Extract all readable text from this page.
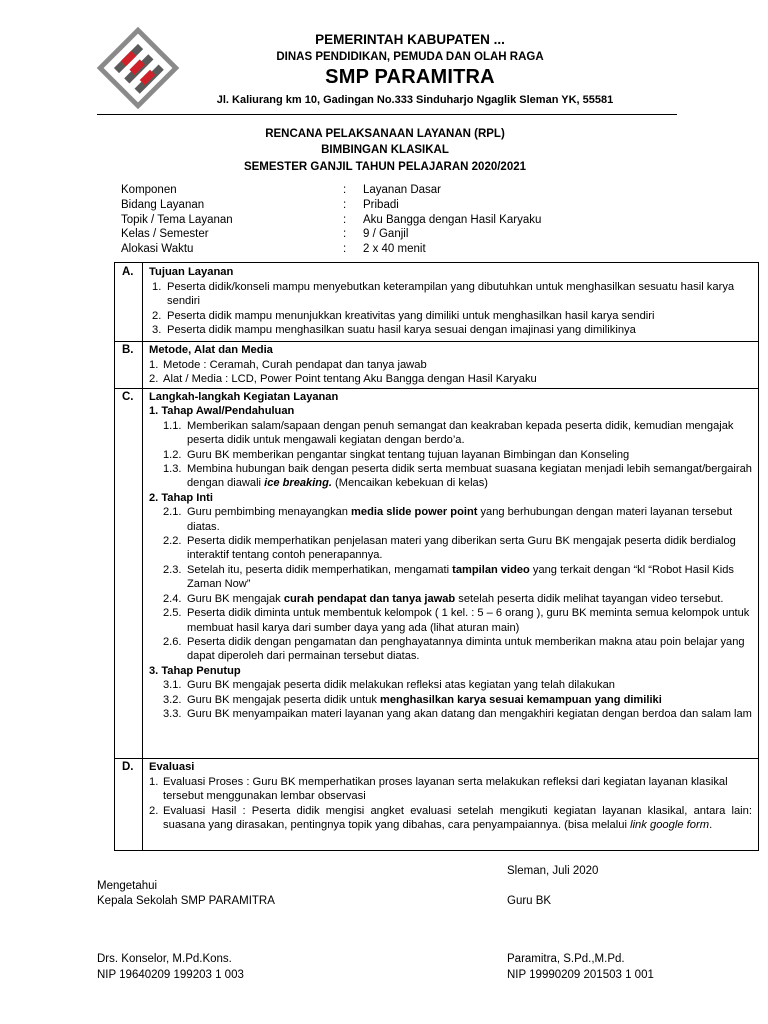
PEMERINTAH KABUPATEN ...
DINAS PENDIDIKAN, PEMUDA DAN OLAH RAGA
SMP PARAMITRA
Jl. Kaliurang km 10, Gadingan No.333 Sinduharjo Ngaglik Sleman YK, 55581
RENCANA PELAKSANAAN LAYANAN (RPL)
BIMBINGAN KLASIKAL
SEMESTER GANJIL TAHUN PELAJARAN 2020/2021
Komponen	:	Layanan Dasar
Bidang Layanan	:	Pribadi
Topik / Tema Layanan	:	Aku Bangga dengan Hasil Karyaku
Kelas / Semester	:	9 / Ganjil
Alokasi Waktu	:	2 x 40 menit
A. Tujuan Layanan
1. Peserta didik/konseli mampu menyebutkan keterampilan yang dibutuhkan untuk menghasilkan sesuatu hasil karya sendiri
2. Peserta didik mampu menunjukkan kreativitas yang dimiliki untuk menghasilkan hasil karya sendiri
3. Peserta didik mampu menghasilkan suatu hasil karya sesuai dengan imajinasi yang dimilikinya
B. Metode, Alat dan Media
1. Metode : Ceramah, Curah pendapat dan tanya jawab
2. Alat / Media : LCD, Power Point tentang Aku Bangga dengan Hasil Karyaku
C. Langkah-langkah Kegiatan Layanan
1. Tahap Awal/Pendahuluan
1.1. Memberikan salam/sapaan dengan penuh semangat dan keakraban kepada peserta didik, kemudian mengajak peserta didik untuk mengawali kegiatan dengan berdo’a.
1.2. Guru BK memberikan pengantar singkat tentang tujuan layanan Bimbingan dan Konseling
1.3. Membina hubungan baik dengan peserta didik serta membuat suasana kegiatan menjadi lebih semangat/bergairah dengan diawali ice breaking. (Mencaikan kebekuan di kelas)
2. Tahap Inti
2.1. Guru pembimbing menayangkan media slide power point yang berhubungan dengan materi layanan tersebut diatas.
2.2. Peserta didik memperhatikan penjelasan materi yang diberikan serta Guru BK mengajak peserta didik berdialog interaktif tentang contoh penerapannya.
2.3. Setelah itu, peserta didik memperhatikan, mengamati tampilan video yang terkait dengan “kl “Robot Hasil Kids Zaman Now”
2.4. Guru BK mengajak curah pendapat dan tanya jawab setelah peserta didik melihat tayangan video tersebut.
2.5. Peserta didik diminta untuk membentuk kelompok ( 1 kel. : 5 – 6 orang ), guru BK meminta semua kelompok untuk membuat hasil karya dari sumber daya yang ada (lihat aturan main)
2.6. Peserta didik dengan pengamatan dan penghayatannya diminta untuk memberikan makna atau poin belajar yang dapat diperoleh dari permainan tersebut diatas.
3. Tahap Penutup
3.1. Guru BK mengajak peserta didik melakukan refleksi atas kegiatan yang telah dilakukan
3.2. Guru BK mengajak peserta didik untuk menghasilkan karya sesuai kemampuan yang dimiliki
3.3. Guru BK menyampaikan materi layanan yang akan datang dan mengakhiri kegiatan dengan berdoa dan salam lam
D. Evaluasi
1. Evaluasi Proses : Guru BK memperhatikan proses layanan serta melakukan refleksi dari kegiatan layanan klasikal tersebut menggunakan lembar observasi
2. Evaluasi Hasil : Peserta didik mengisi angket evaluasi setelah mengikuti kegiatan layanan klasikal, antara lain: suasana yang dirasakan, pentingnya topik yang dibahas, cara penyampaiannya. (bisa melalui link google form.
Sleman, Juli 2020
Mengetahui
Kepala Sekolah SMP PARAMITRA	Guru BK
Drs. Konselor, M.Pd.Kons.
NIP 19640209 199203 1 003
Paramitra, S.Pd.,M.Pd.
NIP 19990209 201503 1 001
